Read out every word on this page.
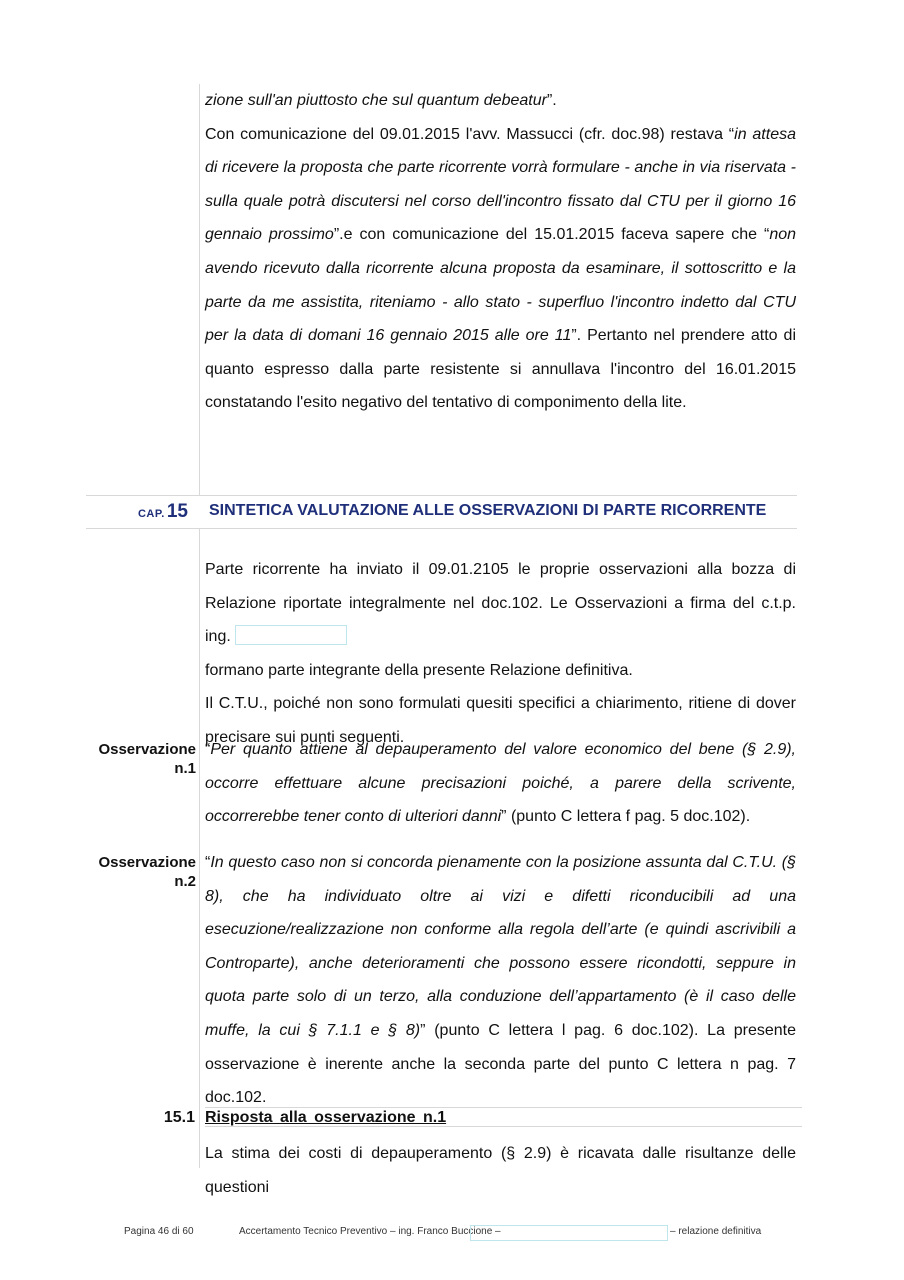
zione sull'an piuttosto che sul quantum debeatur”.

Con comunicazione del 09.01.2015 l'avv. Massucci (cfr. doc.98) restava “in attesa di ricevere la proposta che parte ricorrente vorrà formulare - anche in via riservata - sulla quale potrà discutersi nel corso dell'incontro fissato dal CTU per il giorno 16 gennaio prossimo”.e con comunicazione del 15.01.2015 faceva sapere che “non avendo ricevuto dalla ricorrente alcuna proposta da esaminare, il sottoscritto e la parte da me assistita, riteniamo - allo stato - superfluo l'incontro indetto dal CTU per la data di domani 16 gennaio 2015 alle ore 11”. Pertanto nel prendere atto di quanto espresso dalla parte resistente si annullava l'incontro del 16.01.2015 constatando l'esito negativo del tentativo di componimento della lite.

CAP. 15 SINTETICA VALUTAZIONE ALLE OSSERVAZIONI DI PARTE RICORRENTE

Parte ricorrente ha inviato il 09.01.2105 le proprie osservazioni alla bozza di Relazione riportate integralmente nel doc.102. Le Osservazioni a firma del c.t.p. ing.

formano parte integrante della presente Relazione definitiva.

Il C.T.U., poiché non sono formulati quesiti specifici a chiarimento, ritiene di dover precisare sui punti seguenti.

Osservazione
n.1

“Per quanto attiene al depauperamento del valore economico del bene (§ 2.9), occorre effettuare alcune precisazioni poiché, a parere della scrivente, occorrerebbe tener conto di ulteriori danni” (punto C lettera f pag. 5 doc.102).

Osservazione
n.2

“In questo caso non si concorda pienamente con la posizione assunta dal C.T.U. (§ 8), che ha individuato oltre ai vizi e difetti riconducibili ad una esecuzione/realizzazione non conforme alla regola dell’arte (e quindi ascrivibili a Controparte), anche deterioramenti che possono essere ricondotti, seppure in quota parte solo di un terzo, alla conduzione dell’appartamento (è il caso delle muffe, la cui § 7.1.1 e § 8)” (punto C lettera l pag. 6 doc.102). La presente osservazione è inerente anche la seconda parte del punto C lettera n pag. 7 doc.102.

15.1 Risposta alla osservazione n.1

La stima dei costi di depauperamento (§ 2.9) è ricavata dalle risultanze delle questioni

Pagina 46 di 60	Accertamento Tecnico Preventivo – ing. Franco Buccione –	– relazione definitiva
